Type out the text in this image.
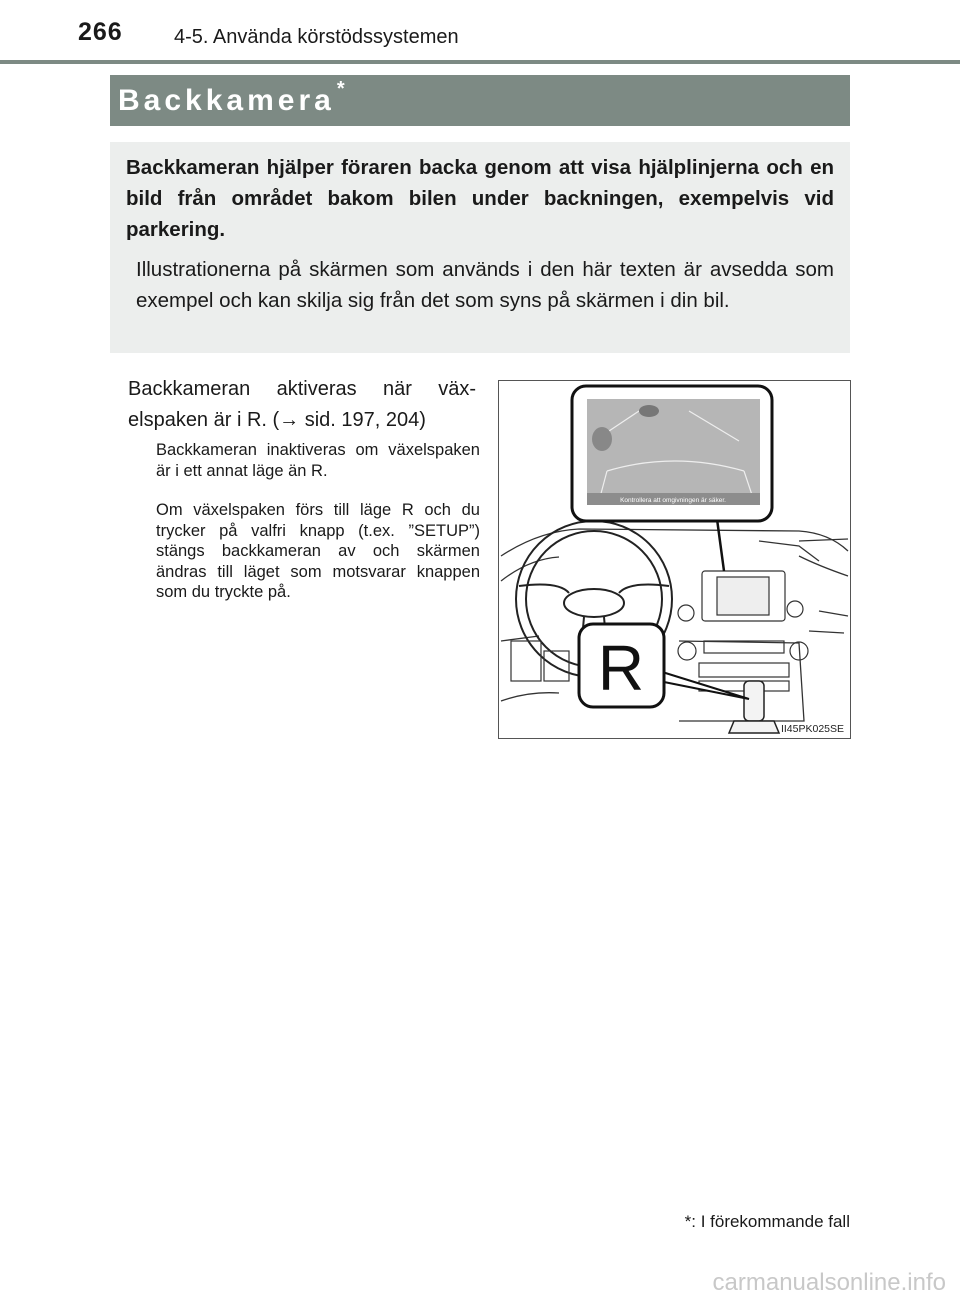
266	4-5. Använda körstödssystemen
Backkamera *
Backkameran hjälper föraren backa genom att visa hjälplinjerna och en bild från området bakom bilen under backningen, exempelvis vid parkering.
Illustrationerna på skärmen som används i den här texten är avsedda som exempel och kan skilja sig från det som syns på skärmen i din bil.
Backkameran aktiveras när växelspaken är i R. (→ sid. 197, 204)
Backkameran inaktiveras om växelspaken är i ett annat läge än R.
Om växelspaken förs till läge R och du trycker på valfri knapp (t.ex. ”SETUP”) stängs backkameran av och skärmen ändras till läget som motsvarar knappen som du tryckte på.
Kontrollera att omgivningen är säker.
R
II45PK025SE
*: I förekommande fall
carmanualsonline.info
